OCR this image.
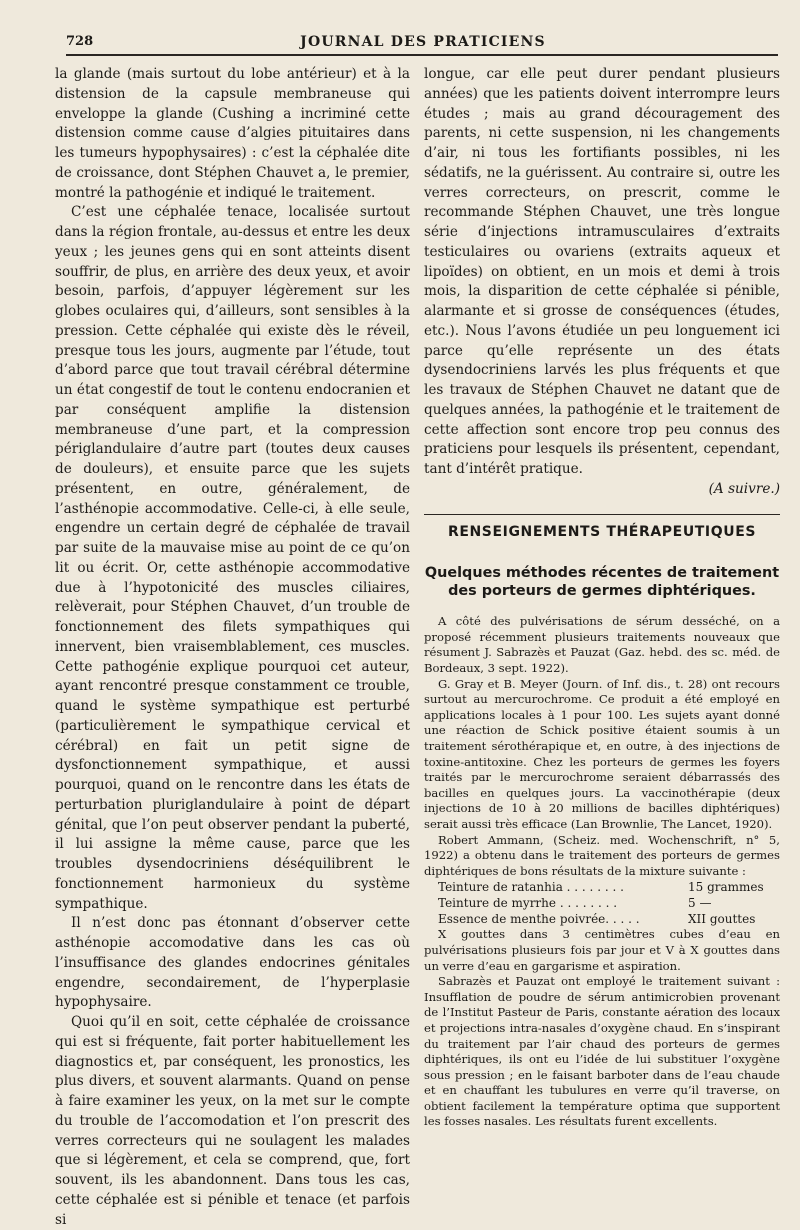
728	JOURNAL DES PRATICIENS

la glande (mais surtout du lobe antérieur) et à la distension de la capsule membraneuse qui enveloppe la glande (Cushing a incriminé cette distension comme cause d’algies pituitaires dans les tumeurs hypophysaires) : c’est la céphalée dite de croissance, dont Stéphen Chauvet a, le premier, montré la pathogénie et indiqué le traitement.

C’est une céphalée tenace, localisée surtout dans la région frontale, au-dessus et entre les deux yeux ; les jeunes gens qui en sont atteints disent souffrir, de plus, en arrière des deux yeux, et avoir besoin, parfois, d’appuyer légèrement sur les globes oculaires qui, d’ailleurs, sont sensibles à la pression. Cette céphalée qui existe dès le réveil, presque tous les jours, augmente par l’étude, tout d’abord parce que tout travail cérébral détermine un état congestif de tout le contenu endocranien et par conséquent amplifie la distension membraneuse d’une part, et la compression périglandulaire d’autre part (toutes deux causes de douleurs), et ensuite parce que les sujets présentent, en outre, généralement, de l’asthénopie accommodative. Celle-ci, à elle seule, engendre un certain degré de céphalée de travail par suite de la mauvaise mise au point de ce qu’on lit ou écrit. Or, cette asthénopie accommodative due à l’hypotonicité des muscles ciliaires, relèverait, pour Stéphen Chauvet, d’un trouble de fonctionnement des filets sympathiques qui innervent, bien vraisemblablement, ces muscles. Cette pathogénie explique pourquoi cet auteur, ayant rencontré presque constamment ce trouble, quand le système sympathique est perturbé (particulièrement le sympathique cervical et cérébral) en fait un petit signe de dysfonctionnement sympathique, et aussi pourquoi, quand on le rencontre dans les états de perturbation pluriglandulaire à point de départ génital, que l’on peut observer pendant la puberté, il lui assigne la même cause, parce que les troubles dysendocriniens déséquilibrent le fonctionnement harmonieux du système sympathique.

Il n’est donc pas étonnant d’observer cette asthénopie accomodative dans les cas où l’insuffisance des glandes endocrines génitales engendre, secondairement, de l’hyperplasie hypophysaire.

Quoi qu’il en soit, cette céphalée de croissance qui est si fréquente, fait porter habituellement les diagnostics et, par conséquent, les pronostics, les plus divers, et souvent alarmants. Quand on pense à faire examiner les yeux, on la met sur le compte du trouble de l’accomodation et l’on prescrit des verres correcteurs qui ne soulagent les malades que si légèrement, et cela se comprend, que, fort souvent, ils les abandonnent. Dans tous les cas, cette céphalée est si pénible et tenace (et parfois si

longue, car elle peut durer pendant plusieurs années) que les patients doivent interrompre leurs études ; mais au grand découragement des parents, ni cette suspension, ni les changements d’air, ni tous les fortifiants possibles, ni les sédatifs, ne la guérissent. Au contraire si, outre les verres correcteurs, on prescrit, comme le recommande Stéphen Chauvet, une très longue série d’injections intramusculaires d’extraits testiculaires ou ovariens (extraits aqueux et lipoïdes) on obtient, en un mois et demi à trois mois, la disparition de cette céphalée si pénible, alarmante et si grosse de conséquences (études, etc.). Nous l’avons étudiée un peu longuement ici parce qu’elle représente un des états dysendocriniens larvés les plus fréquents et que les travaux de Stéphen Chauvet ne datant que de quelques années, la pathogénie et le traitement de cette affection sont encore trop peu connus des praticiens pour lesquels ils présentent, cependant, tant d’intérêt pratique.

(A suivre.)

RENSEIGNEMENTS THÉRAPEUTIQUES
Quelques méthodes récentes de traitement des porteurs de germes diphtériques.

A côté des pulvérisations de sérum desséché, on a proposé récemment plusieurs traitements nouveaux que résument J. Sabrazès et Pauzat (Gaz. hebd. des sc. méd. de Bordeaux, 3 sept. 1922).

G. Gray et B. Meyer (Journ. of Inf. dis., t. 28) ont recours surtout au mercurochrome. Ce produit a été employé en applications locales à 1 pour 100. Les sujets ayant donné une réaction de Schick positive étaient soumis à un traitement sérothérapique et, en outre, à des injections de toxine-antitoxine. Chez les porteurs de germes les foyers traités par le mercurochrome seraient débarrassés des bacilles en quelques jours. La vaccinothérapie (deux injections de 10 à 20 millions de bacilles diphtériques) serait aussi très efficace (Lan Brownlie, The Lancet, 1920).

Robert Ammann, (Scheiz. med. Wochenschrift, n° 5, 1922) a obtenu dans le traitement des porteurs de germes diphtériques de bons résultats de la mixture suivante :

Teinture de ratanhia . . . . . . . .	15 grammes
Teinture de myrrhe . . . . . . . .	5 —
Essence de menthe poivrée. . . . .	XII gouttes

X gouttes dans 3 centimètres cubes d’eau en pulvérisations plusieurs fois par jour et V à X gouttes dans un verre d’eau en gargarisme et aspiration.

Sabrazès et Pauzat ont employé le traitement suivant : Insufflation de poudre de sérum antimicrobien provenant de l’Institut Pasteur de Paris, constante aération des locaux et projections intra-nasales d’oxygène chaud. En s’inspirant du traitement par l’air chaud des porteurs de germes diphtériques, ils ont eu l’idée de lui substituer l’oxygène sous pression ; en le faisant barboter dans de l’eau chaude et en chauffant les tubulures en verre qu’il traverse, on obtient facilement la température optima que supportent les fosses nasales. Les résultats furent excellents.
